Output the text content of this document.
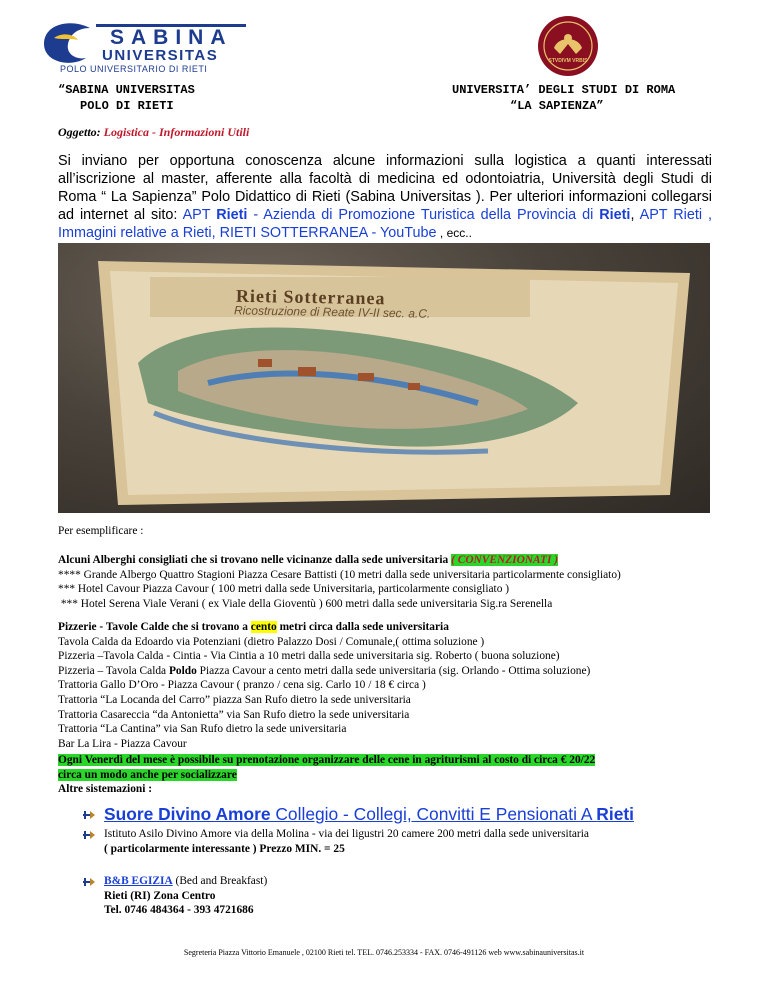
SABINA
UNIVERSITAS
POLO UNIVERSITARIO DI RIETI
STVDIVM VRBIS
“SABINA UNIVERSITAS
POLO DI RIETI
UNIVERSITA’ DEGLI STUDI DI ROMA
“LA SAPIENZA”
Oggetto: Logistica - Informazioni Utili
Si inviano per opportuna conoscenza alcune informazioni sulla logistica a quanti interessati all’iscrizione al master, afferente alla facoltà di medicina ed odontoiatria, Università degli Studi di Roma “ La Sapienza” Polo Didattico di Rieti (Sabina Universitas ). Per ulteriori informazioni collegarsi ad internet al sito: APT Rieti - Azienda di Promozione Turistica della Provincia di Rieti, APT Rieti , Immagini relative a Rieti, RIETI SOTTERRANEA - YouTube , ecc..
Rieti Sotterranea
Ricostruzione di Reate IV-II sec. a.C.
Per esemplificare :
Alcuni Alberghi consigliati che si trovano nelle vicinanze dalla sede universitaria ( CONVENZIONATI )
**** Grande Albergo Quattro Stagioni Piazza Cesare Battisti (10 metri dalla sede universitaria particolarmente consigliato)
*** Hotel Cavour Piazza Cavour ( 100 metri dalla sede Universitaria, particolarmente consigliato )
*** Hotel Serena Viale Verani ( ex Viale della Gioventù ) 600 metri dalla sede universitaria Sig.ra Serenella
Pizzerie - Tavole Calde che si trovano a cento metri circa dalla sede universitaria
Tavola Calda da Edoardo via Potenziani (dietro Palazzo Dosi / Comunale,( ottima soluzione )
Pizzeria –Tavola Calda - Cintia - Via Cintia a 10 metri dalla sede universitaria sig. Roberto ( buona soluzione)
Pizzeria – Tavola Calda Poldo Piazza Cavour a cento metri dalla sede universitaria (sig. Orlando - Ottima soluzione)
Trattoria Gallo D’Oro - Piazza Cavour ( pranzo / cena sig. Carlo 10 / 18 € circa )
Trattoria “La Locanda del Carro” piazza San Rufo dietro la sede universitaria
Trattoria Casareccia “da Antonietta” via San Rufo dietro la sede universitaria
Trattoria “La Cantina” via San Rufo dietro la sede universitaria
Bar La Lira - Piazza Cavour
Ogni Venerdì del mese è possibile su prenotazione organizzare delle cene in agriturismi al costo di circa € 20/22
circa un modo anche per socializzare
Altre sistemazioni :
Suore Divino Amore Collegio - Collegi, Convitti E Pensionati A Rieti
Istituto Asilo Divino Amore via della Molina - via dei ligustri 20 camere 200 metri dalla sede universitaria
( particolarmente interessante ) Prezzo MIN. = 25
B&B EGIZIA (Bed and Breakfast)
Rieti (RI) Zona Centro
Tel. 0746 484364 - 393 4721686
Segreteria Piazza Vittorio Emanuele , 02100 Rieti tel. TEL. 0746.253334 - FAX. 0746-491126 web www.sabinauniversitas.it
